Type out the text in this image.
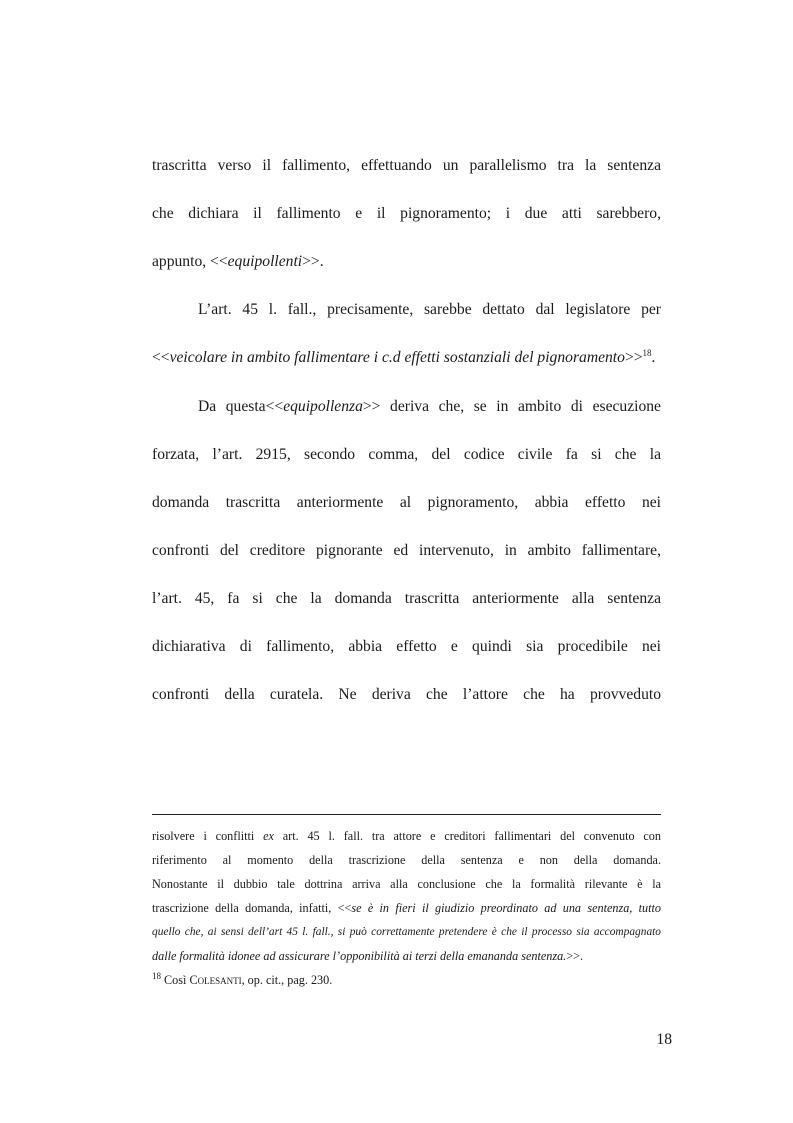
trascritta verso il fallimento, effettuando un parallelismo tra la sentenza
che dichiara il fallimento e il pignoramento; i due atti sarebbero,
appunto, <<equipollenti>>.
L’art. 45 l. fall., precisamente, sarebbe dettato dal legislatore per
<<veicolare in ambito fallimentare i c.d effetti sostanziali del pignoramento>>$^{18}$.
Da questa<<equipollenza>> deriva che, se in ambito di esecuzione
forzata, l’art. 2915, secondo comma, del codice civile fa si che la
domanda trascritta anteriormente al pignoramento, abbia effetto nei
confronti del creditore pignorante ed intervenuto, in ambito fallimentare,
l’art. 45, fa si che la domanda trascritta anteriormente alla sentenza
dichiarativa di fallimento, abbia effetto e quindi sia procedibile nei
confronti della curatela. Ne deriva che l’attore che ha provveduto
risolvere i conflitti ex art. 45 l. fall. tra attore e creditori fallimentari del convenuto con
riferimento al momento della trascrizione della sentenza e non della domanda.
Nonostante il dubbio tale dottrina arriva alla conclusione che la formalità rilevante è la
trascrizione della domanda, infatti, <<se è in fieri il giudizio preordinato ad una sentenza, tutto
quello che, ai sensi dell’art 45 l. fall., si può correttamente pretendere è che il processo sia accompagnato
dalle formalità idonee ad assicurare l’opponibilità ai terzi della emananda sentenza.>>.
$^{18}$ Così Colesanti, op. cit., pag. 230.
18
